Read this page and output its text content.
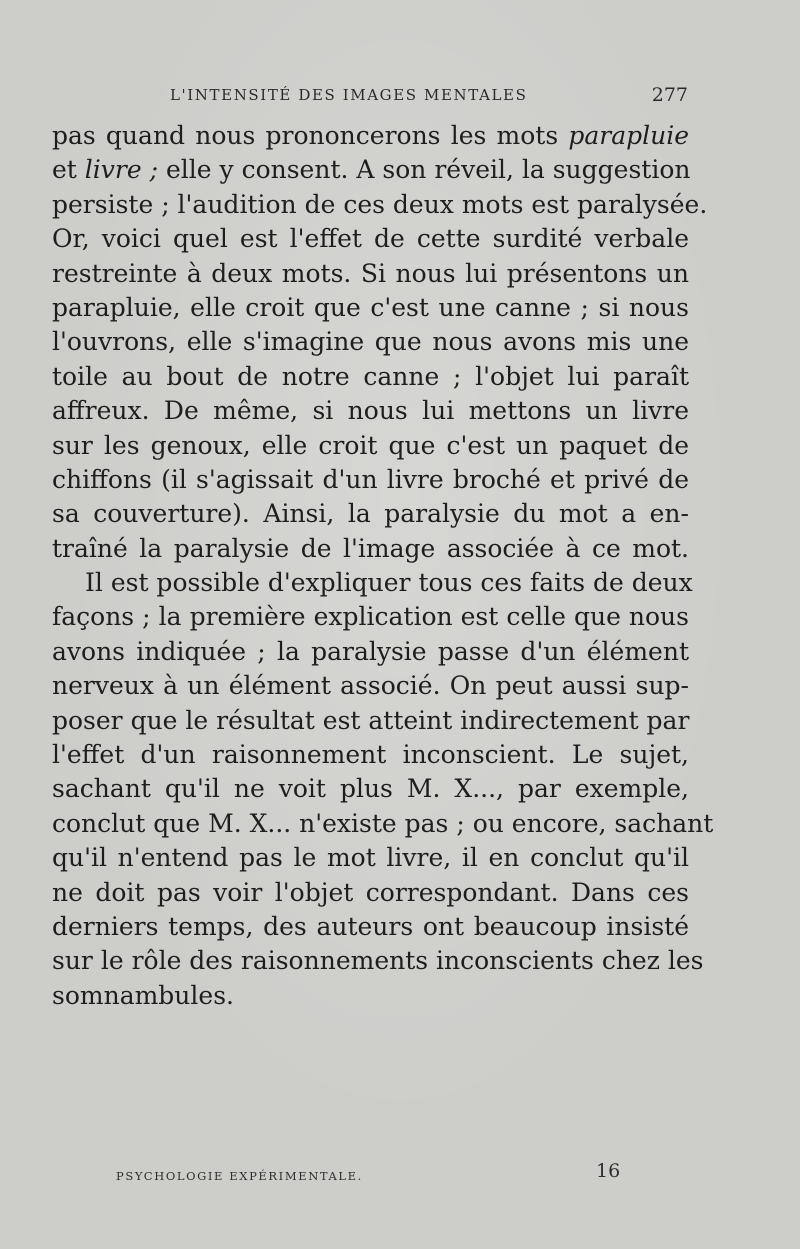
L'INTENSITÉ DES IMAGES MENTALES	277
pas quand nous prononcerons les mots parapluie
et livre ; elle y consent. A son réveil, la suggestion
persiste ; l'audition de ces deux mots est paralysée.
Or, voici quel est l'effet de cette surdité verbale
restreinte à deux mots. Si nous lui présentons un
parapluie, elle croit que c'est une canne ; si nous
l'ouvrons, elle s'imagine que nous avons mis une
toile au bout de notre canne ; l'objet lui paraît
affreux. De même, si nous lui mettons un livre
sur les genoux, elle croit que c'est un paquet de
chiffons (il s'agissait d'un livre broché et privé de
sa couverture). Ainsi, la paralysie du mot a en-
traîné la paralysie de l'image associée à ce mot.
Il est possible d'expliquer tous ces faits de deux
façons ; la première explication est celle que nous
avons indiquée ; la paralysie passe d'un élément
nerveux à un élément associé. On peut aussi sup-
poser que le résultat est atteint indirectement par
l'effet d'un raisonnement inconscient. Le sujet,
sachant qu'il ne voit plus M. X..., par exemple,
conclut que M. X... n'existe pas ; ou encore, sachant
qu'il n'entend pas le mot livre, il en conclut qu'il
ne doit pas voir l'objet correspondant. Dans ces
derniers temps, des auteurs ont beaucoup insisté
sur le rôle des raisonnements inconscients chez les
somnambules.
PSYCHOLOGIE EXPÉRIMENTALE.	16
